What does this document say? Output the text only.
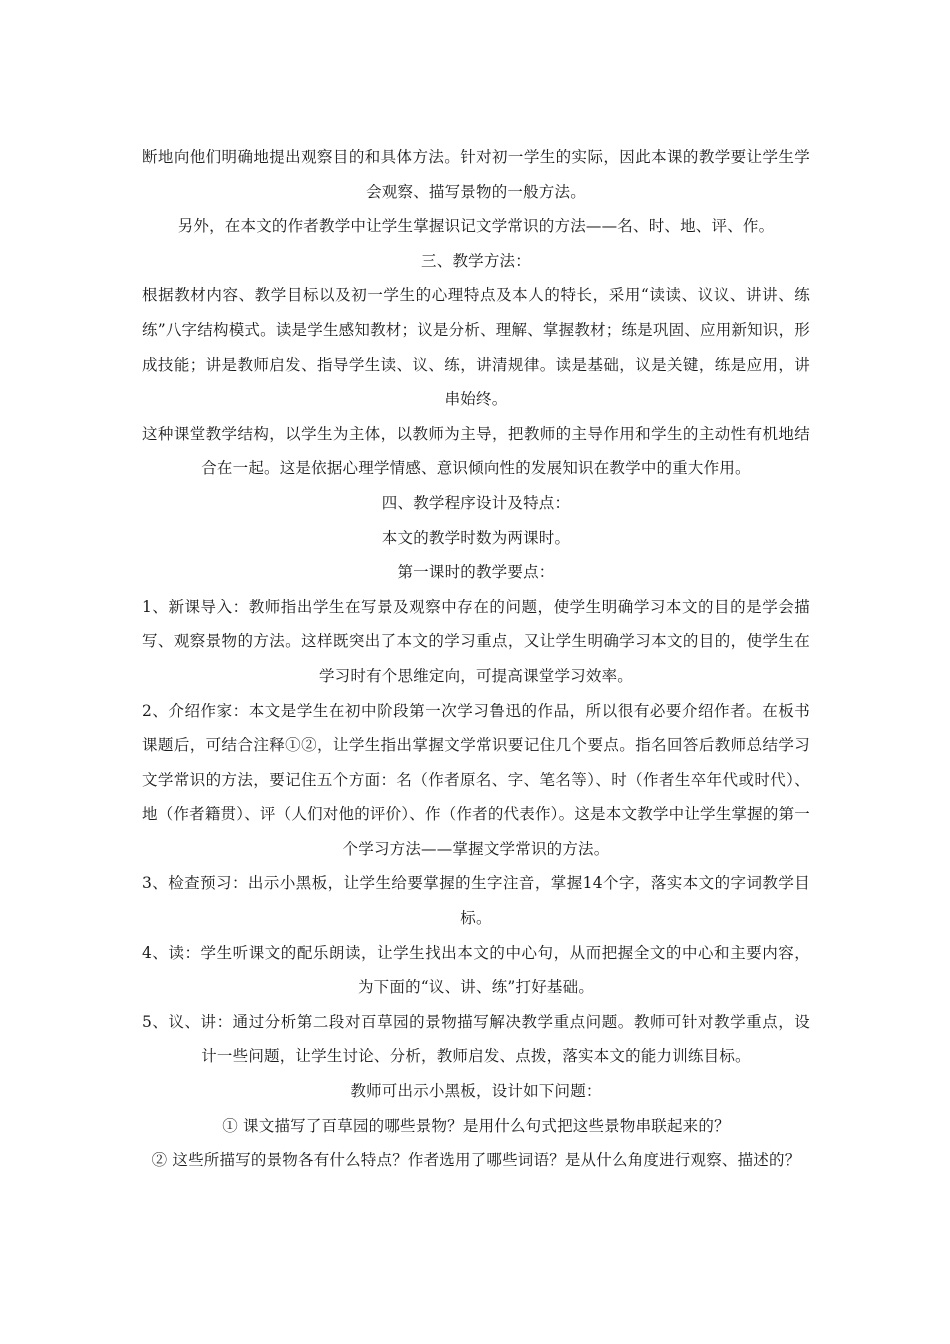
断地向他们明确地提出观察目的和具体方法。针对初一学生的实际，因此本课的教学要让学生学会观察、描写景物的一般方法。

另外，在本文的作者教学中让学生掌握识记文学常识的方法——名、时、地、评、作。

三、教学方法：

根据教材内容、教学目标以及初一学生的心理特点及本人的特长，采用“读读、议议、讲讲、练练”八字结构模式。读是学生感知教材；议是分析、理解、掌握教材；练是巩固、应用新知识，形成技能；讲是教师启发、指导学生读、议、练，讲清规律。读是基础，议是关键，练是应用，讲串始终。

这种课堂教学结构，以学生为主体，以教师为主导，把教师的主导作用和学生的主动性有机地结合在一起。这是依据心理学情感、意识倾向性的发展知识在教学中的重大作用。

四、教学程序设计及特点：

本文的教学时数为两课时。

第一课时的教学要点：

1、新课导入：教师指出学生在写景及观察中存在的问题，使学生明确学习本文的目的是学会描写、观察景物的方法。这样既突出了本文的学习重点，又让学生明确学习本文的目的，使学生在学习时有个思维定向，可提高课堂学习效率。

2、介绍作家：本文是学生在初中阶段第一次学习鲁迅的作品，所以很有必要介绍作者。在板书课题后，可结合注释①②，让学生指出掌握文学常识要记住几个要点。指名回答后教师总结学习文学常识的方法，要记住五个方面：名（作者原名、字、笔名等）、时（作者生卒年代或时代）、地（作者籍贯）、评（人们对他的评价）、作（作者的代表作）。这是本文教学中让学生掌握的第一个学习方法——掌握文学常识的方法。

3、检查预习：出示小黑板，让学生给要掌握的生字注音，掌握14个字，落实本文的字词教学目标。

4、读：学生听课文的配乐朗读，让学生找出本文的中心句，从而把握全文的中心和主要内容，为下面的“议、讲、练”打好基础。

5、议、讲：通过分析第二段对百草园的景物描写解决教学重点问题。教师可针对教学重点，设计一些问题，让学生讨论、分析，教师启发、点拨，落实本文的能力训练目标。

教师可出示小黑板，设计如下问题：

① 课文描写了百草园的哪些景物？是用什么句式把这些景物串联起来的？

② 这些所描写的景物各有什么特点？作者选用了哪些词语？是从什么角度进行观察、描述的？
